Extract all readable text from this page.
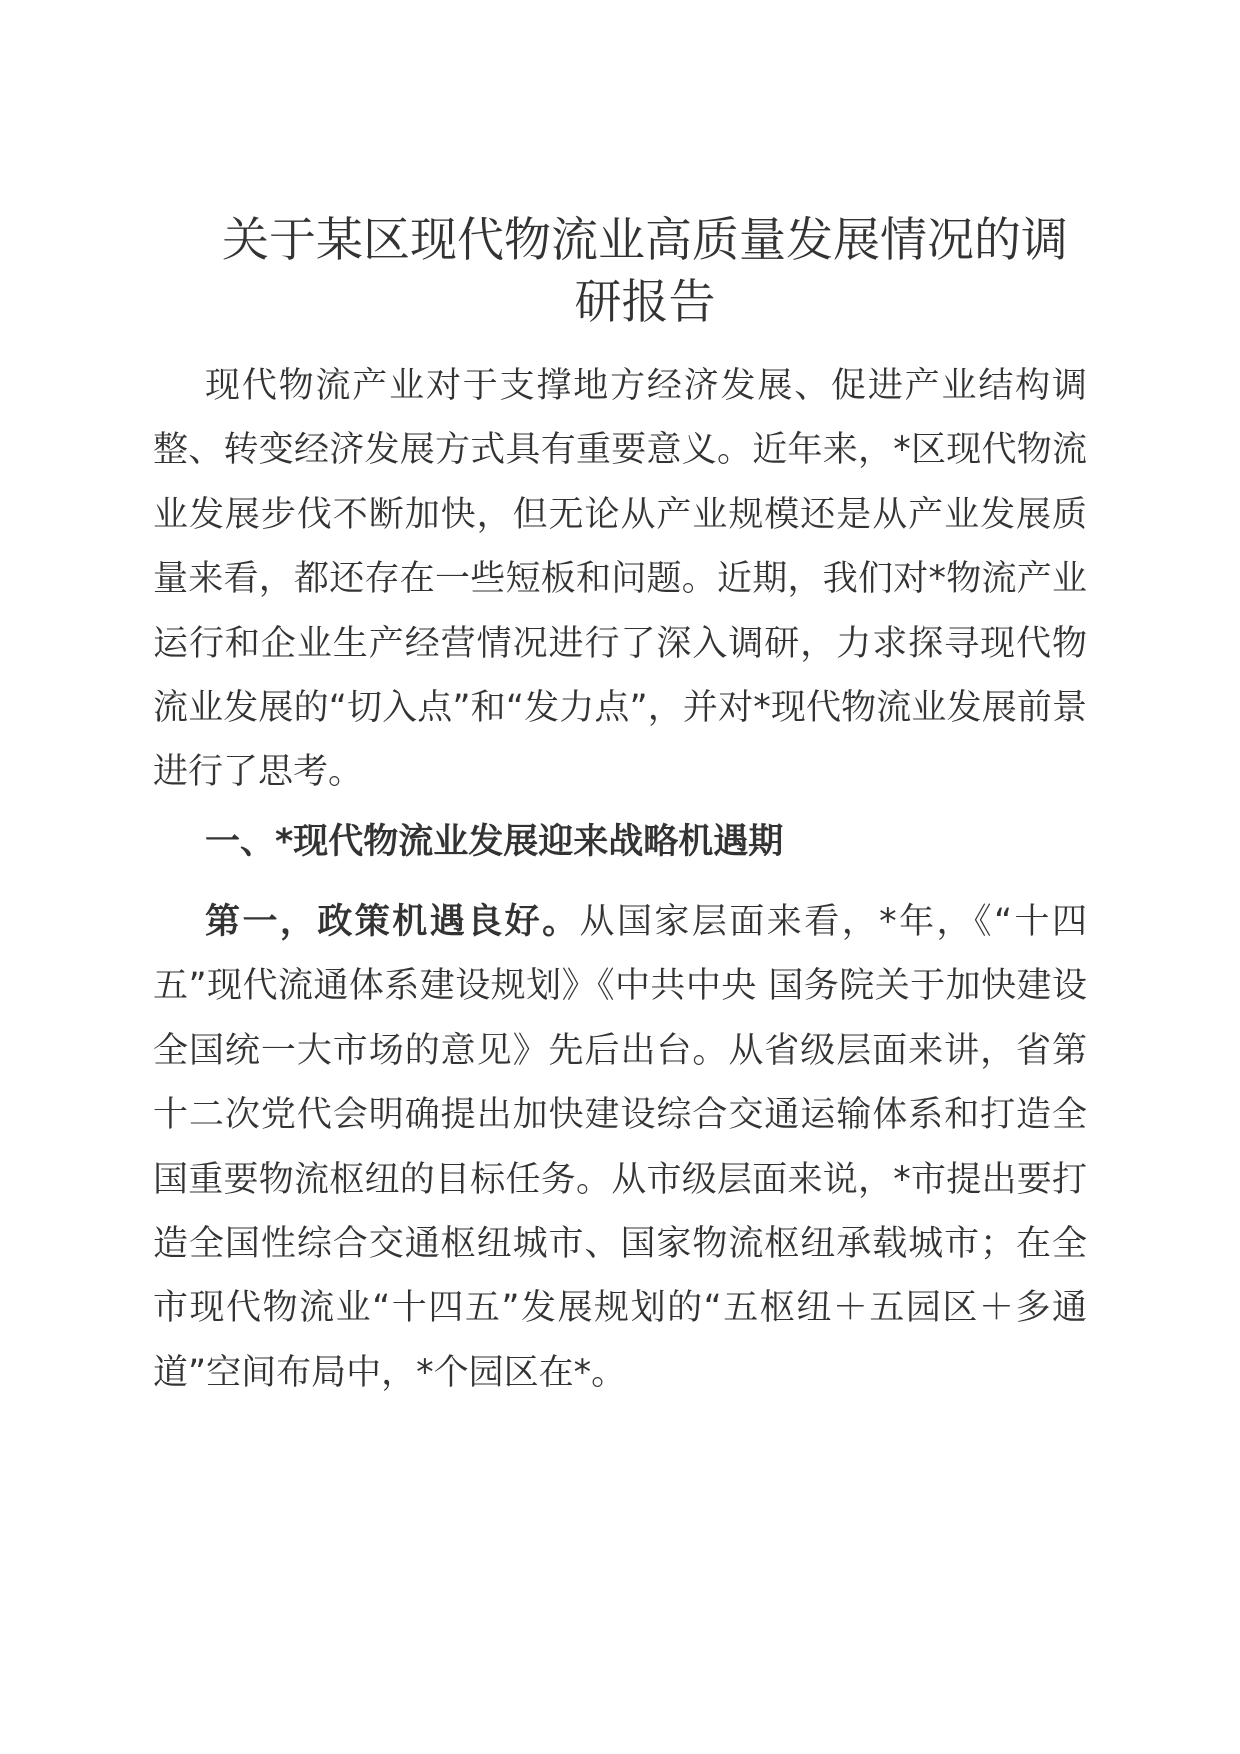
关于某区现代物流业高质量发展情况的调研报告

现代物流产业对于支撑地方经济发展、促进产业结构调整、转变经济发展方式具有重要意义。近年来，*区现代物流业发展步伐不断加快，但无论从产业规模还是从产业发展质量来看，都还存在一些短板和问题。近期，我们对*物流产业运行和企业生产经营情况进行了深入调研，力求探寻现代物流业发展的“切入点”和“发力点”，并对*现代物流业发展前景进行了思考。

一、*现代物流业发展迎来战略机遇期

第一，政策机遇良好。从国家层面来看，*年，《“十四五”现代流通体系建设规划》《中共中央 国务院关于加快建设全国统一大市场的意见》先后出台。从省级层面来讲，省第十二次党代会明确提出加快建设综合交通运输体系和打造全国重要物流枢纽的目标任务。从市级层面来说，*市提出要打造全国性综合交通枢纽城市、国家物流枢纽承载城市；在全市现代物流业“十四五”发展规划的“五枢纽＋五园区＋多通道”空间布局中，*个园区在*。
